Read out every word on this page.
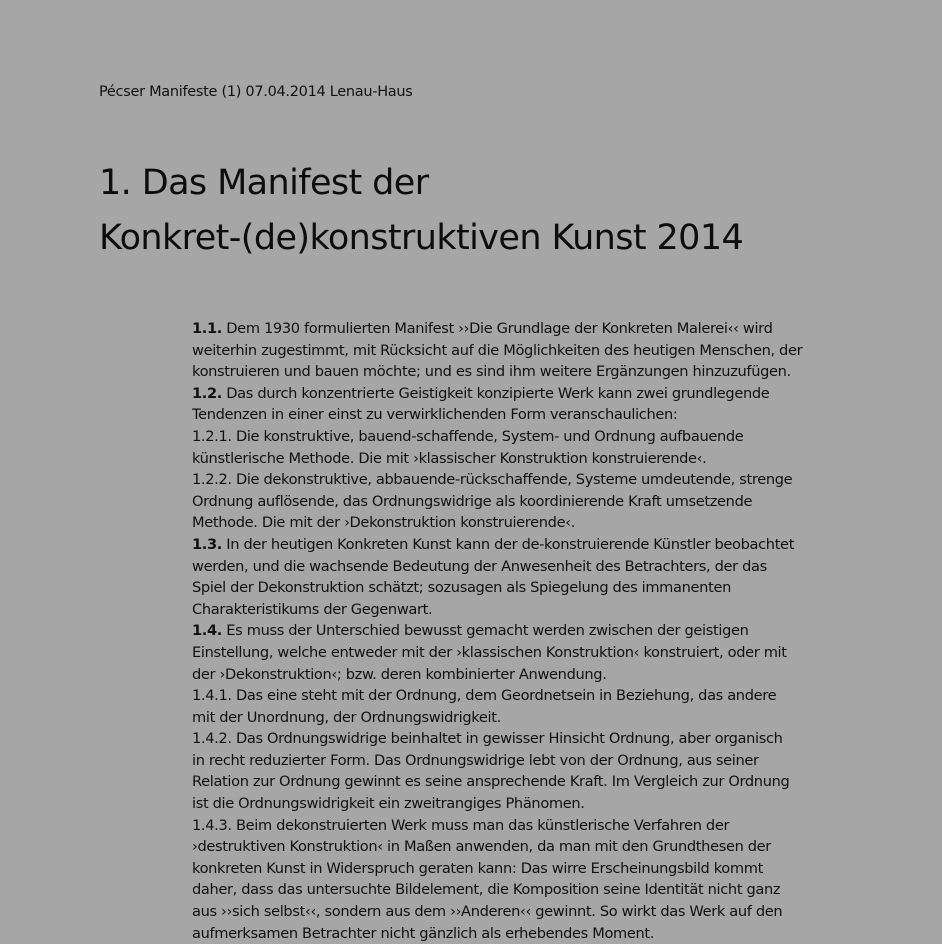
Pécser Manifeste (1) 07.04.2014 Lenau-Haus
1. Das Manifest der
Konkret-(de)konstruktiven Kunst 2014
1.1. Dem 1930 formulierten Manifest ››Die Grundlage der Konkreten Malerei‹‹ wird
weiterhin zugestimmt, mit Rücksicht auf die Möglichkeiten des heutigen Menschen, der
konstruieren und bauen möchte; und es sind ihm weitere Ergänzungen hinzuzufügen.
1.2. Das durch konzentrierte Geistigkeit konzipierte Werk kann zwei grundlegende
Tendenzen in einer einst zu verwirklichenden Form veranschaulichen:
1.2.1. Die konstruktive, bauend-schaffende, System- und Ordnung aufbauende
künstlerische Methode. Die mit ›klassischer Konstruktion konstruierende‹.
1.2.2. Die dekonstruktive, abbauende-rückschaffende, Systeme umdeutende, strenge
Ordnung auflösende, das Ordnungswidrige als koordinierende Kraft umsetzende
Methode. Die mit der ›Dekonstruktion konstruierende‹.
1.3. In der heutigen Konkreten Kunst kann der de-konstruierende Künstler beobachtet
werden, und die wachsende Bedeutung der Anwesenheit des Betrachters, der das
Spiel der Dekonstruktion schätzt; sozusagen als Spiegelung des immanenten
Charakteristikums der Gegenwart.
1.4. Es muss der Unterschied bewusst gemacht werden zwischen der geistigen
Einstellung, welche entweder mit der ›klassischen Konstruktion‹ konstruiert, oder mit
der ›Dekonstruktion‹; bzw. deren kombinierter Anwendung.
1.4.1. Das eine steht mit der Ordnung, dem Geordnetsein in Beziehung, das andere
mit der Unordnung, der Ordnungswidrigkeit.
1.4.2. Das Ordnungswidrige beinhaltet in gewisser Hinsicht Ordnung, aber organisch
in recht reduzierter Form. Das Ordnungswidrige lebt von der Ordnung, aus seiner
Relation zur Ordnung gewinnt es seine ansprechende Kraft. Im Vergleich zur Ordnung
ist die Ordnungswidrigkeit ein zweitrangiges Phänomen.
1.4.3. Beim dekonstruierten Werk muss man das künstlerische Verfahren der
›destruktiven Konstruktion‹ in Maßen anwenden, da man mit den Grundthesen der
konkreten Kunst in Widerspruch geraten kann: Das wirre Erscheinungsbild kommt
daher, dass das untersuchte Bildelement, die Komposition seine Identität nicht ganz
aus ››sich selbst‹‹, sondern aus dem ››Anderen‹‹ gewinnt. So wirkt das Werk auf den
aufmerksamen Betrachter nicht gänzlich als erhebendes Moment.
